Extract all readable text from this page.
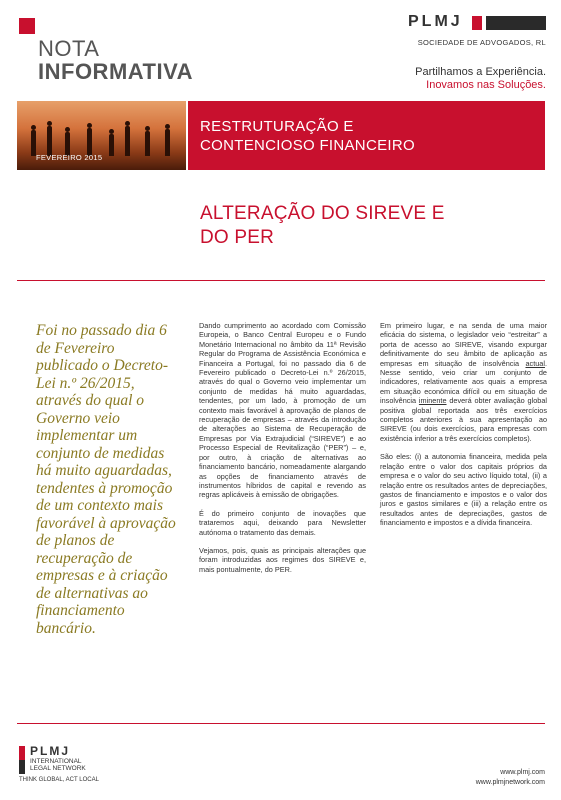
NOTA
INFORMATIVA
PLMJ
SOCIEDADE DE ADVOGADOS, RL
Partilhamos a Experiência.
Inovamos nas Soluções.
FEVEREIRO 2015
RESTRUTURAÇÃO E
CONTENCIOSO FINANCEIRO
ALTERAÇÃO DO SIREVE E
DO PER
Foi no passado dia 6 de Fevereiro publicado o Decreto-Lei n.º 26/2015, através do qual o Governo veio implementar um conjunto de medidas há muito aguardadas, tendentes à promoção de um contexto mais favorável à aprovação de planos de recuperação de empresas e à criação de alternativas ao financiamento bancário.

Dando cumprimento ao acordado com Comissão Europeia, o Banco Central Europeu e o Fundo Monetário Internacional no âmbito da 11ª Revisão Regular do Programa de Assistência Económica e Financeira a Portugal, foi no passado dia 6 de Fevereiro publicado o Decreto-Lei n.º 26/2015, através do qual o Governo veio implementar um conjunto de medidas há muito aguardadas, tendentes, por um lado, à promoção de um contexto mais favorável à aprovação de planos de recuperação de empresas – através da introdução de alterações ao Sistema de Recuperação de Empresas por Via Extrajudicial (“SIREVE”) e ao Processo Especial de Revitalização (“PER”) – e, por outro, à criação de alternativas ao financiamento bancário, nomeadamente alargando as opções de financiamento através de instrumentos híbridos de capital e revendo as regras aplicáveis à emissão de obrigações.

É do primeiro conjunto de inovações que trataremos aqui, deixando para Newsletter autónoma o tratamento das demais.

Vejamos, pois, quais as principais alterações que foram introduzidas aos regimes dos SIREVE e, mais pontualmente, do PER.

Em primeiro lugar, e na senda de uma maior eficácia do sistema, o legislador veio “estreitar” a porta de acesso ao SIREVE, visando expurgar definitivamente do seu âmbito de aplicação as empresas em situação de insolvência actual. Nesse sentido, veio criar um conjunto de indicadores, relativamente aos quais a empresa em situação económica difícil ou em situação de insolvência iminente deverá obter avaliação global positiva global reportada aos três exercícios completos anteriores à sua apresentação ao SIREVE (ou dois exercícios, para empresas com existência inferior a três exercícios completos).

São eles: (i) a autonomia financeira, medida pela relação entre o valor dos capitais próprios da empresa e o valor do seu activo líquido total, (ii) a relação entre os resultados antes de depreciações, gastos de financiamento e impostos e o valor dos juros e gastos similares e (iii) a relação entre os resultados antes de depreciações, gastos de financiamento e impostos e a dívida financeira.

PLMJ
INTERNATIONAL
LEGAL NETWORK
THINK GLOBAL, ACT LOCAL
www.plmj.com
www.plmjnetwork.com
